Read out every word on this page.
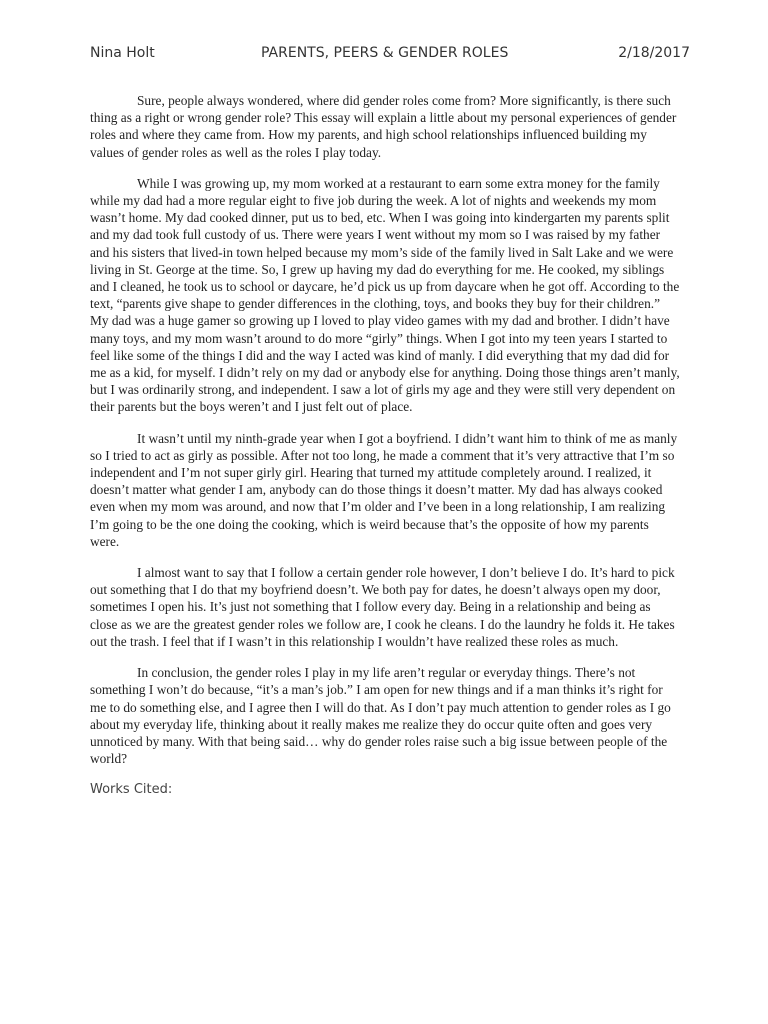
Nina Holt	PARENTS, PEERS & GENDER ROLES	2/18/2017

Sure, people always wondered, where did gender roles come from? More significantly, is there such thing as a right or wrong gender role? This essay will explain a little about my personal experiences of gender roles and where they came from. How my parents, and high school relationships influenced building my values of gender roles as well as the roles I play today.

While I was growing up, my mom worked at a restaurant to earn some extra money for the family while my dad had a more regular eight to five job during the week. A lot of nights and weekends my mom wasn’t home. My dad cooked dinner, put us to bed, etc. When I was going into kindergarten my parents split and my dad took full custody of us. There were years I went without my mom so I was raised by my father and his sisters that lived-in town helped because my mom’s side of the family lived in Salt Lake and we were living in St. George at the time. So, I grew up having my dad do everything for me. He cooked, my siblings and I cleaned, he took us to school or daycare, he’d pick us up from daycare when he got off. According to the text, “parents give shape to gender differences in the clothing, toys, and books they buy for their children.” My dad was a huge gamer so growing up I loved to play video games with my dad and brother. I didn’t have many toys, and my mom wasn’t around to do more “girly” things. When I got into my teen years I started to feel like some of the things I did and the way I acted was kind of manly. I did everything that my dad did for me as a kid, for myself. I didn’t rely on my dad or anybody else for anything. Doing those things aren’t manly, but I was ordinarily strong, and independent. I saw a lot of girls my age and they were still very dependent on their parents but the boys weren’t and I just felt out of place.

It wasn’t until my ninth-grade year when I got a boyfriend. I didn’t want him to think of me as manly so I tried to act as girly as possible. After not too long, he made a comment that it’s very attractive that I’m so independent and I’m not super girly girl. Hearing that turned my attitude completely around. I realized, it doesn’t matter what gender I am, anybody can do those things it doesn’t matter. My dad has always cooked even when my mom was around, and now that I’m older and I’ve been in a long relationship, I am realizing I’m going to be the one doing the cooking, which is weird because that’s the opposite of how my parents were.

I almost want to say that I follow a certain gender role however, I don’t believe I do. It’s hard to pick out something that I do that my boyfriend doesn’t. We both pay for dates, he doesn’t always open my door, sometimes I open his. It’s just not something that I follow every day. Being in a relationship and being as close as we are the greatest gender roles we follow are, I cook he cleans. I do the laundry he folds it. He takes out the trash. I feel that if I wasn’t in this relationship I wouldn’t have realized these roles as much.

In conclusion, the gender roles I play in my life aren’t regular or everyday things. There’s not something I won’t do because, “it’s a man’s job.” I am open for new things and if a man thinks it’s right for me to do something else, and I agree then I will do that. As I don’t pay much attention to gender roles as I go about my everyday life, thinking about it really makes me realize they do occur quite often and goes very unnoticed by many. With that being said… why do gender roles raise such a big issue between people of the world?

Works Cited:
